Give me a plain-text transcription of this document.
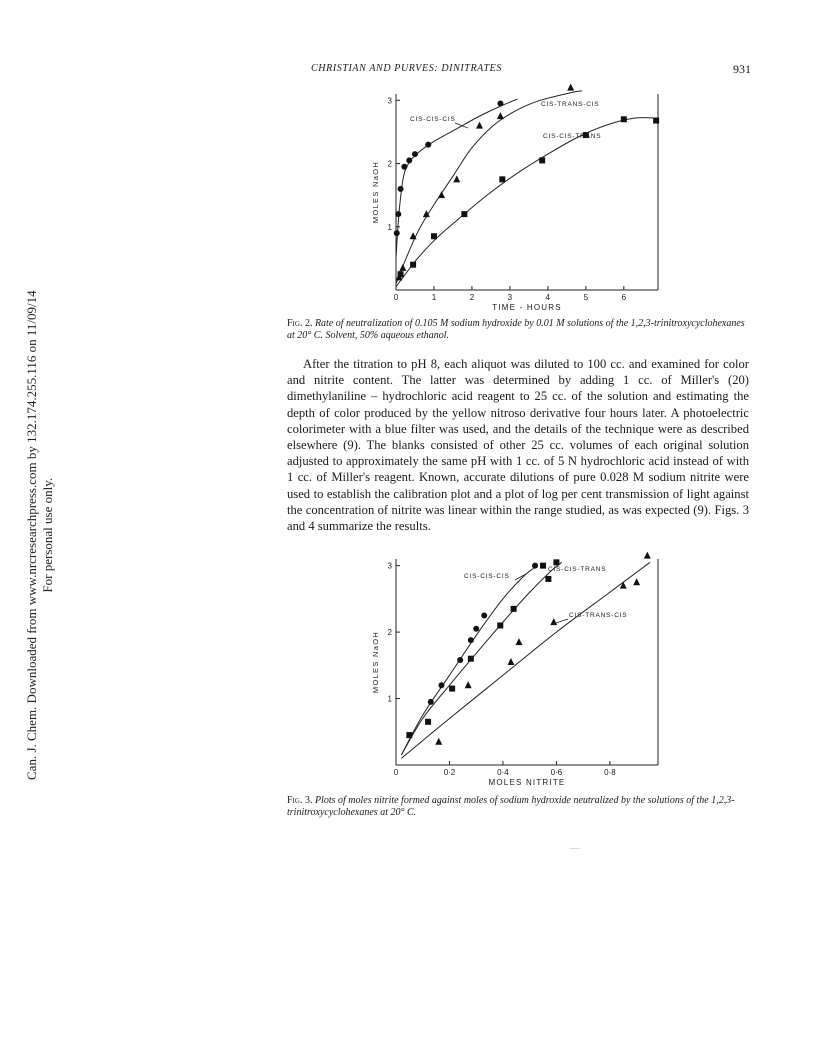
CHRISTIAN AND PURVES: DINITRATES	931
Can. J. Chem. Downloaded from www.nrcresearchpress.com by 132.174.255.116 on 11/09/14 For personal use only.
0	1	2	3	4	5	6
1
2
3
TIME - HOURS
MOLES NaOH
CIS-CIS-CIS
CIS-TRANS-CIS
CIS-CIS-TRANS
Fig. 2. Rate of neutralization of 0.105 M sodium hydroxide by 0.01 M solutions of the 1,2,3-trinitroxycyclohexanes at 20° C. Solvent, 50% aqueous ethanol.

After the titration to pH 8, each aliquot was diluted to 100 cc. and examined for color and nitrite content. The latter was determined by adding 1 cc. of Miller's (20) dimethylaniline – hydrochloric acid reagent to 25 cc. of the solution and estimating the depth of color produced by the yellow nitroso derivative four hours later. A photoelectric colorimeter with a blue filter was used, and the details of the technique were as described elsewhere (9). The blanks consisted of other 25 cc. volumes of each original solution adjusted to approximately the same pH with 1 cc. of 5 N hydrochloric acid instead of with 1 cc. of Miller's reagent. Known, accurate dilutions of pure 0.028 M sodium nitrite were used to establish the calibration plot and a plot of log per cent transmission of light against the concentration of nitrite was linear within the range studied, as was expected (9). Figs. 3 and 4 summarize the results.

0	0·2	0·4	0·6	0·8
1
2
3
MOLES NITRITE
MOLES NaOH
CIS-CIS-CIS
CIS-CIS-TRANS
CIS-TRANS-CIS
Fig. 3. Plots of moles nitrite formed against moles of sodium hydroxide neutralized by the solutions of the 1,2,3-trinitroxycyclohexanes at 20° C.
—
